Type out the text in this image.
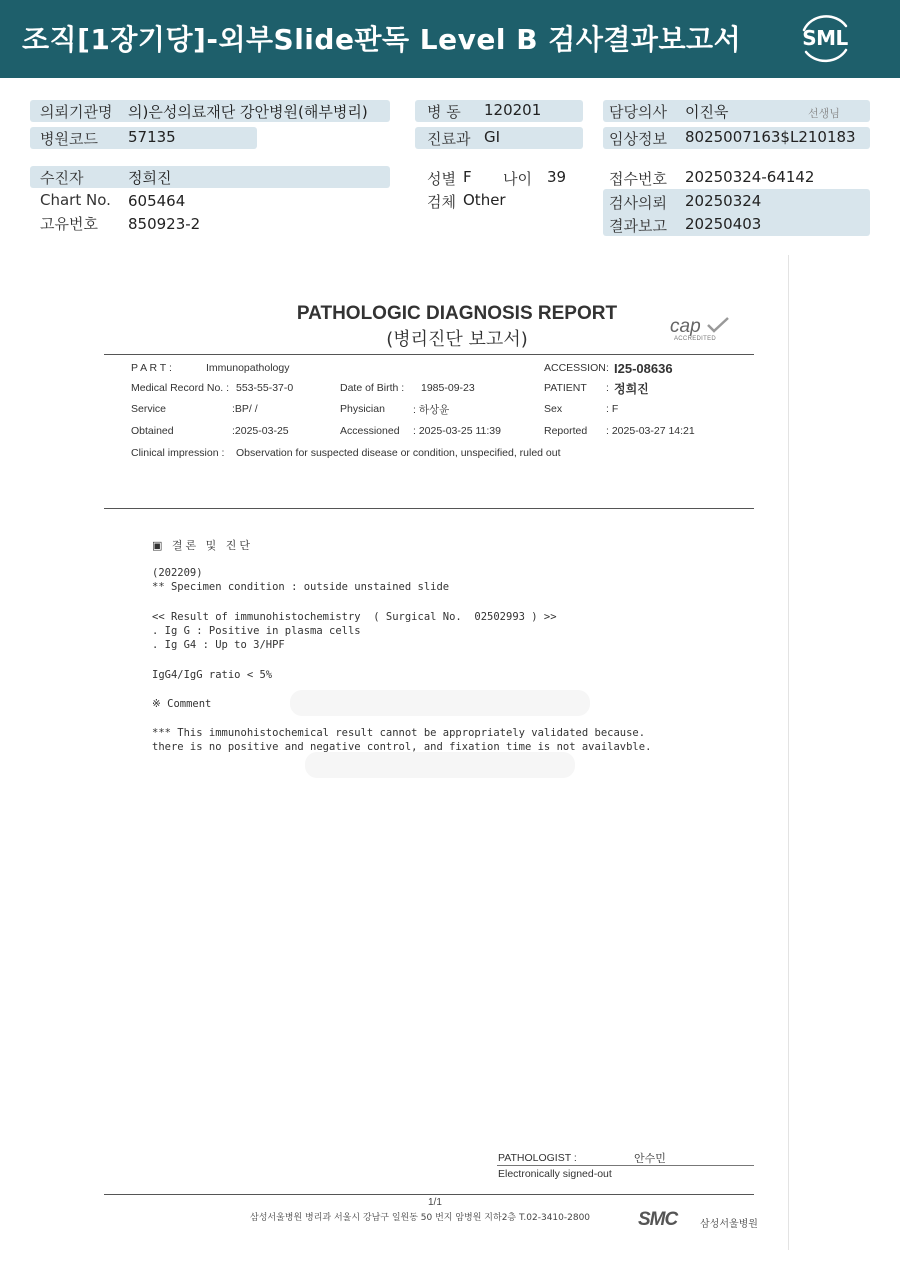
조직[1장기당]-외부Slide판독 Level B 검사결과보고서	SML
의뢰기관명 의)은성의료재단 강안병원(해부병리)	병 동 120201	담당의사 이진욱	선생님
병원코드 57135	진료과 GI	임상정보 8025007163$L210183
수진자	정희진	성별 F 나이 39	접수번호 20250324-64142
Chart No. 605464	검체 Other	검사의뢰 20250324
고유번호 850923-2	결과보고 20250403
PATHOLOGIC DIAGNOSIS REPORT
(병리진단 보고서)
cap
ACCREDITED
P A R T :	Immunopathology	ACCESSION : I25-08636
Medical Record No. : 553-55-37-0	Date of Birth : 1985-09-23	PATIENT : 정희진
Service	:BP/ /	Physician	: 하상윤	Sex	: F
Obtained	:2025-03-25	Accessioned : 2025-03-25 11:39	Reported : 2025-03-27 14:21
Clinical impression : Observation for suspected disease or condition, unspecified, ruled out
▣ 결론 및 진단
(202209)
** Specimen condition : outside unstained slide
<< Result of immunohistochemistry  ( Surgical No.  02502993 ) >>
. Ig G : Positive in plasma cells
. Ig G4 : Up to 3/HPF
IgG4/IgG ratio < 5%
※ Comment
*** This immunohistochemical result cannot be appropriately validated because.
there is no positive and negative control, and fixation time is not availavble.
PATHOLOGIST :	안수민
Electronically signed-out
1/1
삼성서울병원 병리과 서울시 강남구 일원동 50 번지 암병원 지하2층 T.02-3410-2800	SMC 삼성서울병원
